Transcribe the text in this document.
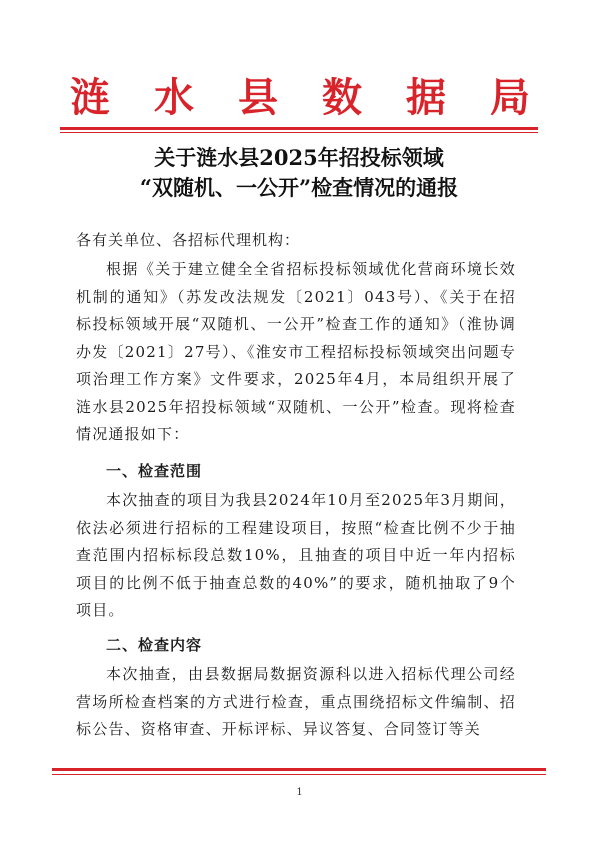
涟 水 县 数 据 局
关于涟水县2025年招投标领域
“双随机、一公开”检查情况的通报
各有关单位、各招标代理机构：
根据《关于建立健全全省招标投标领域优化营商环境长效机制的通知》（苏发改法规发〔2021〕043号）、《关于在招标投标领域开展“双随机、一公开”检查工作的通知》（淮协调办发〔2021〕27号）、《淮安市工程招标投标领域突出问题专项治理工作方案》文件要求，2025年4月，本局组织开展了涟水县2025年招投标领域“双随机、一公开”检查。现将检查情况通报如下：
一、检查范围
本次抽查的项目为我县2024年10月至2025年3月期间，依法必须进行招标的工程建设项目，按照“检查比例不少于抽查范围内招标标段总数10%，且抽查的项目中近一年内招标项目的比例不低于抽查总数的40%”的要求，随机抽取了9个项目。
二、检查内容
本次抽查，由县数据局数据资源科以进入招标代理公司经营场所检查档案的方式进行检查，重点围绕招标文件编制、招标公告、资格审查、开标评标、异议答复、合同签订等关
1
